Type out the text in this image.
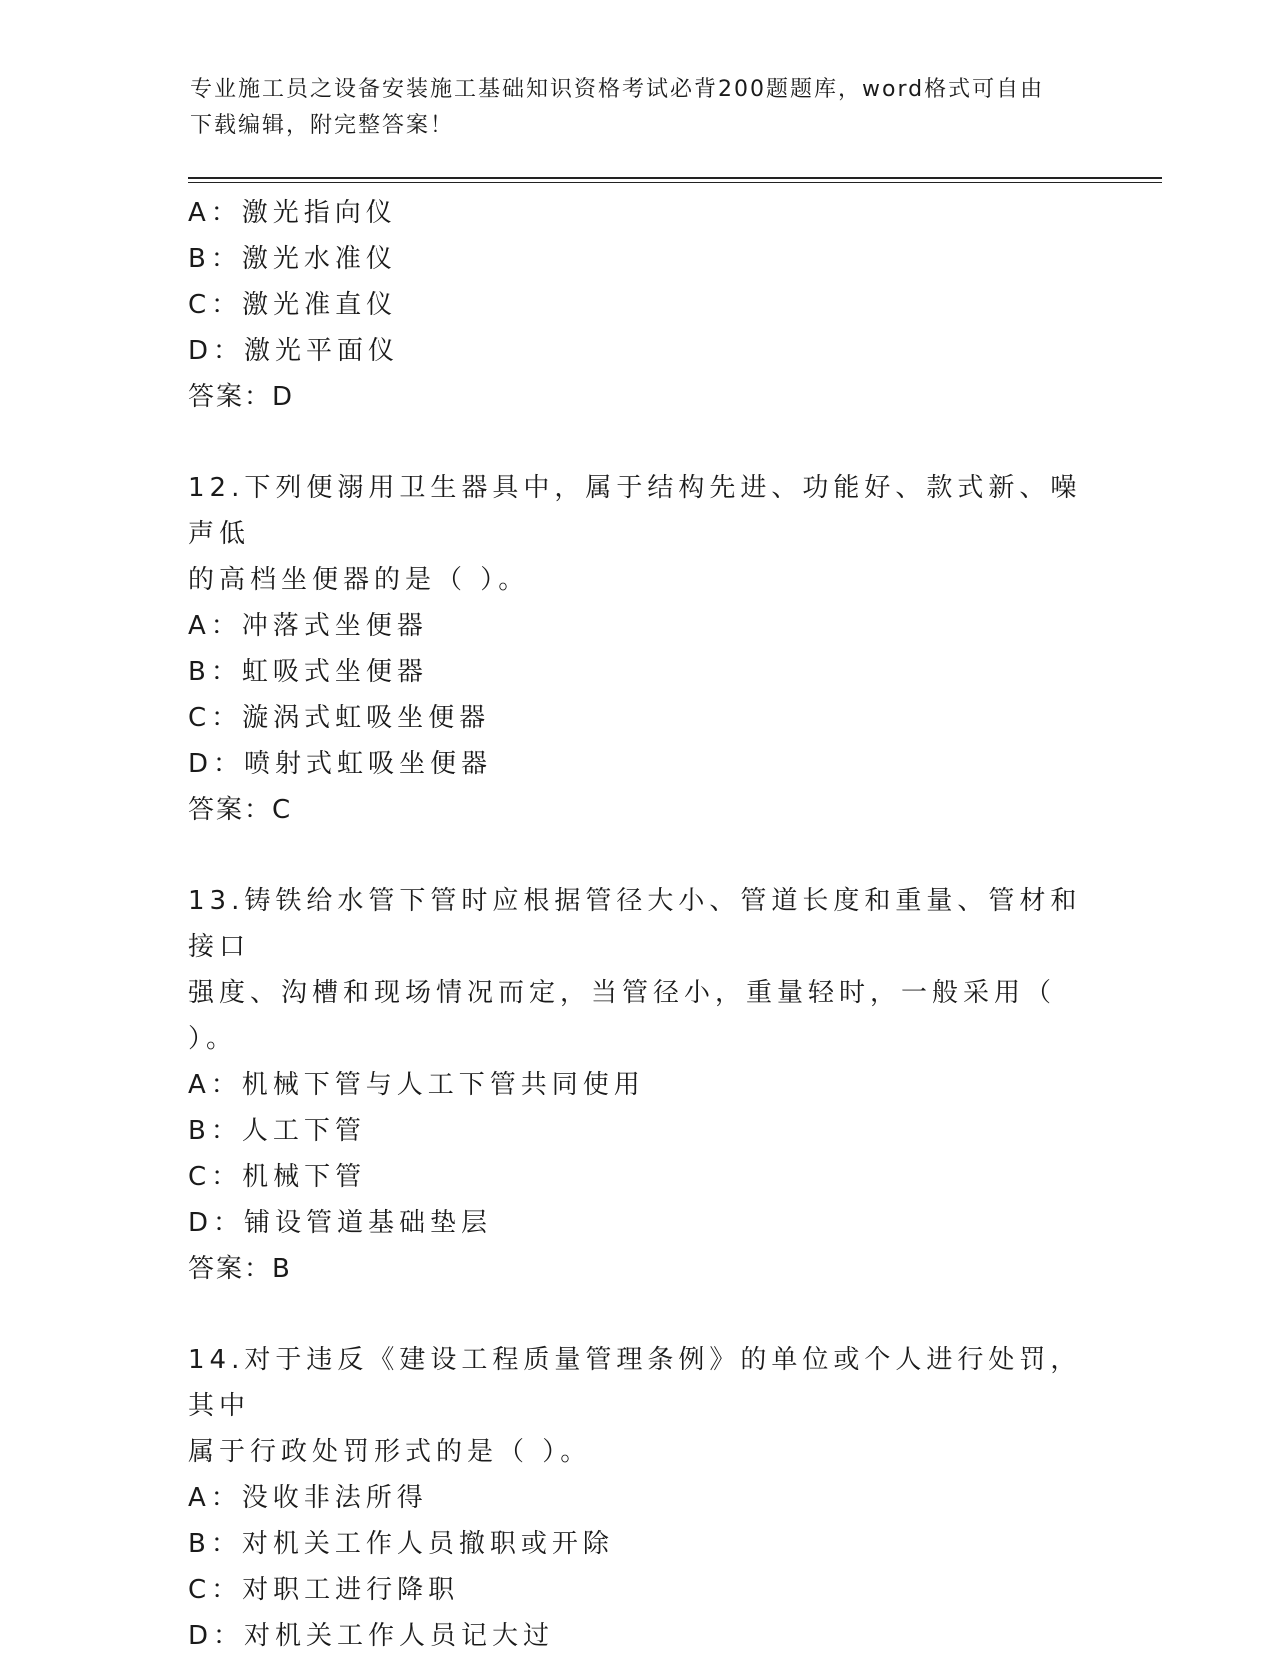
专业施工员之设备安装施工基础知识资格考试必背200题题库，word格式可自由
下载编辑，附完整答案！
A：激光指向仪
B：激光水准仪
C：激光准直仪
D：激光平面仪
答案：D
12.下列便溺用卫生器具中，属于结构先进、功能好、款式新、噪声低
的高档坐便器的是（ ）。
A：冲落式坐便器
B：虹吸式坐便器
C：漩涡式虹吸坐便器
D：喷射式虹吸坐便器
答案：C
13.铸铁给水管下管时应根据管径大小、管道长度和重量、管材和接口
强度、沟槽和现场情况而定，当管径小，重量轻时，一般采用（ ）。
A：机械下管与人工下管共同使用
B：人工下管
C：机械下管
D：铺设管道基础垫层
答案：B
14.对于违反《建设工程质量管理条例》的单位或个人进行处罚，其中
属于行政处罚形式的是（ ）。
A：没收非法所得
B：对机关工作人员撤职或开除
C：对职工进行降职
D：对机关工作人员记大过
